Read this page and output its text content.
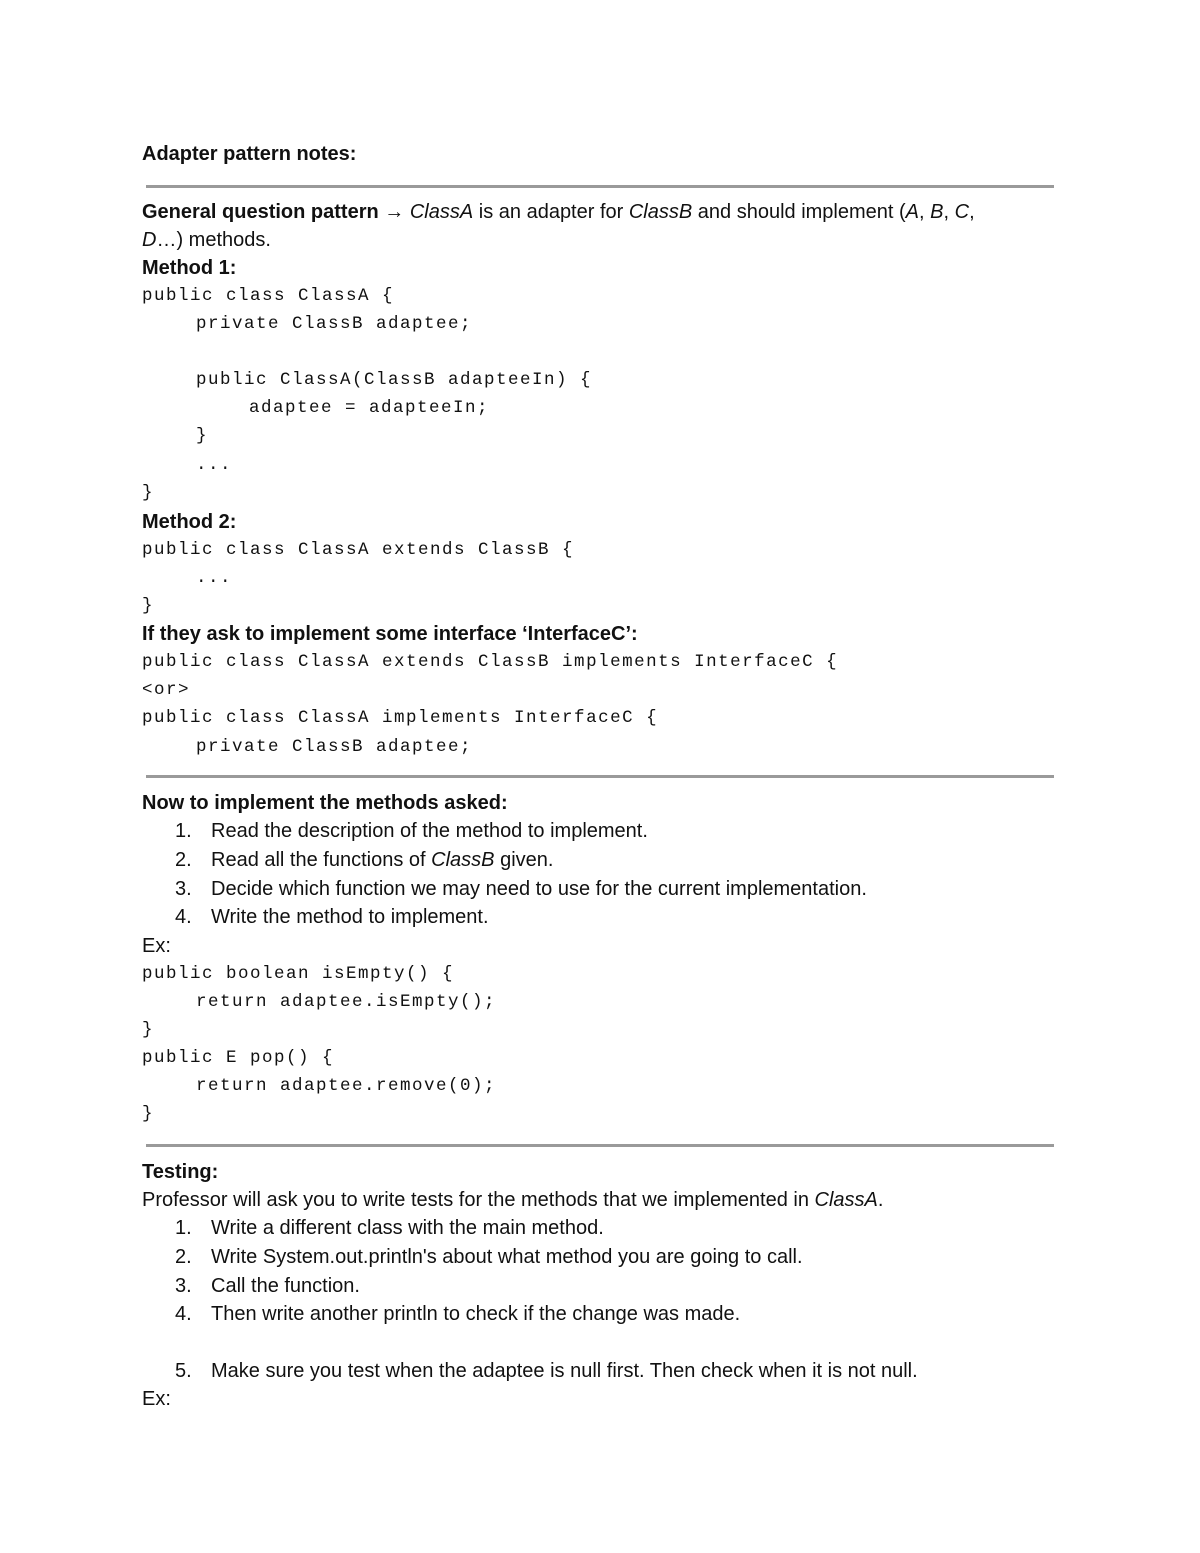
Adapter pattern notes:
General question pattern → ClassA is an adapter for ClassB and should implement (A, B, C,
D…) methods.
Method 1:
public class ClassA {
private ClassB adaptee;
public ClassA(ClassB adapteeIn) {
adaptee = adapteeIn;
}
...
}
Method 2:
public class ClassA extends ClassB {
...
}
If they ask to implement some interface ‘InterfaceC’:
public class ClassA extends ClassB implements InterfaceC {
<or>
public class ClassA implements InterfaceC {
private ClassB adaptee;
Now to implement the methods asked:
1. Read the description of the method to implement.
2. Read all the functions of ClassB given.
3. Decide which function we may need to use for the current implementation.
4. Write the method to implement.
Ex:
public boolean isEmpty() {
return adaptee.isEmpty();
}
public E pop() {
return adaptee.remove(0);
}
Testing:
Professor will ask you to write tests for the methods that we implemented in ClassA.
1. Write a different class with the main method.
2. Write System.out.println's about what method you are going to call.
3. Call the function.
4. Then write another println to check if the change was made.
5. Make sure you test when the adaptee is null first. Then check when it is not null.
Ex:
